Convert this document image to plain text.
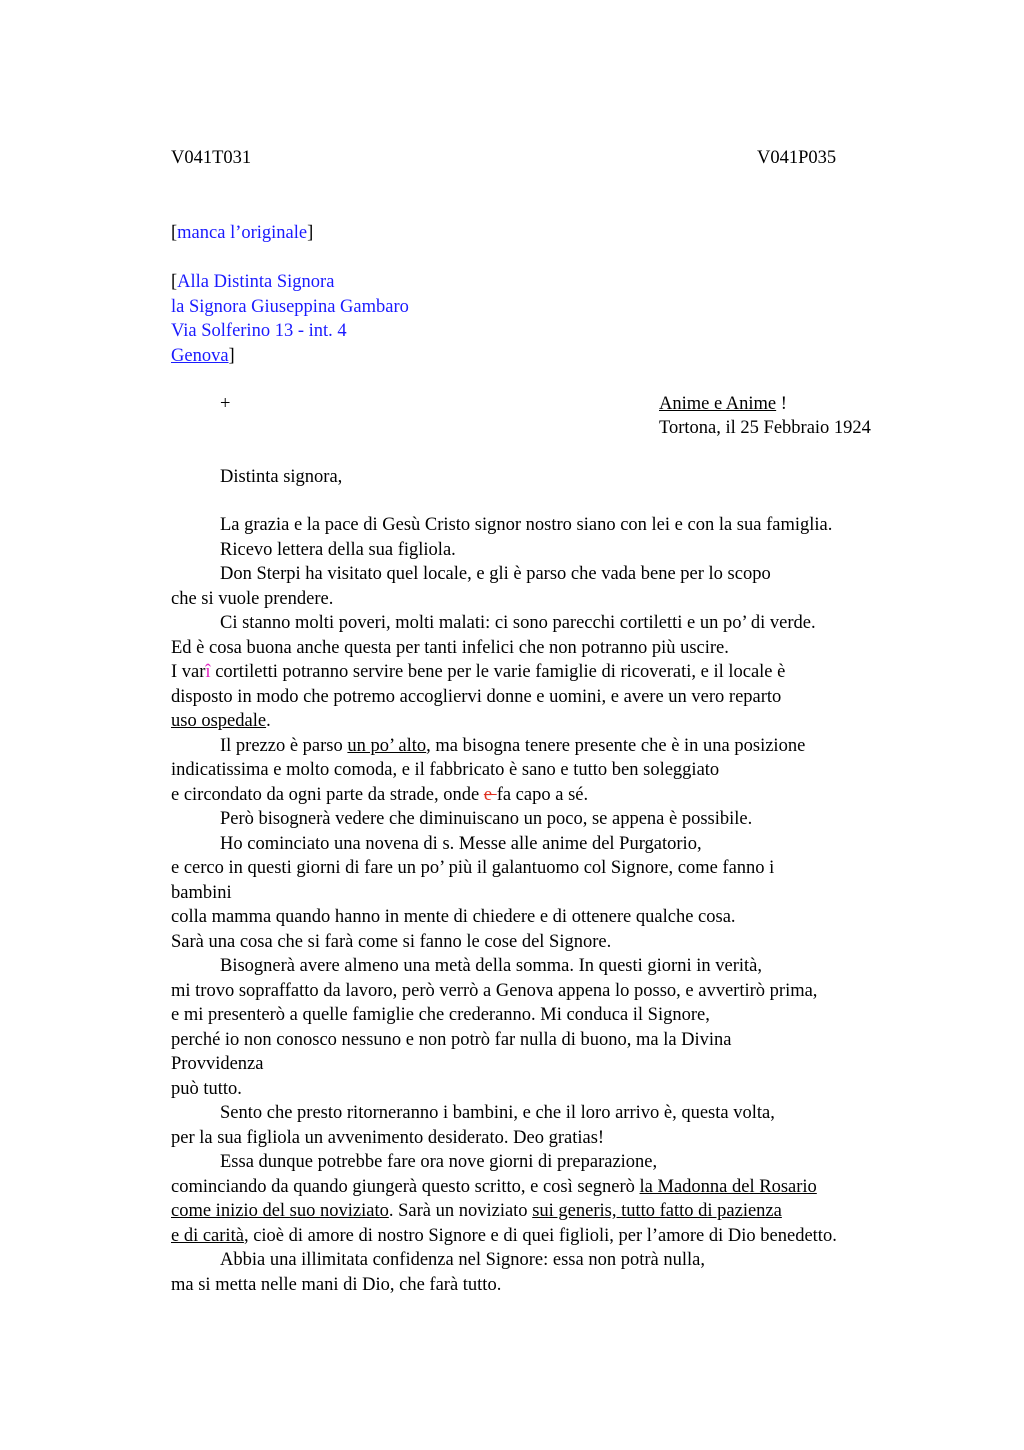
V041T031	V041P035
[manca l’originale]
[Alla Distinta Signora
la Signora Giuseppina Gambaro
Via Solferino 13 - int. 4
Genova]
+	Anime e Anime !
Tortona, il 25 Febbraio 1924
Distinta signora,
La grazia e la pace di Gesù Cristo signor nostro siano con lei e con la sua famiglia.
Ricevo lettera della sua figliola.
Don Sterpi ha visitato quel locale, e gli è parso che vada bene per lo scopo
che si vuole prendere.
Ci stanno molti poveri, molti malati: ci sono parecchi cortiletti e un po’ di verde.
Ed è cosa buona anche questa per tanti infelici che non potranno più uscire.
I varî cortiletti potranno servire bene per le varie famiglie di ricoverati, e il locale è
disposto in modo che potremo accogliervi donne e uomini, e avere un vero reparto
uso ospedale.
Il prezzo è parso un po’ alto, ma bisogna tenere presente che è in una posizione
indicatissima e molto comoda, e il fabbricato è sano e tutto ben soleggiato
e circondato da ogni parte da strade, onde e fa capo a sé.
Però bisognerà vedere che diminuiscano un poco, se appena è possibile.
Ho cominciato una novena di s. Messe alle anime del Purgatorio,
e cerco in questi giorni di fare un po’ più il galantuomo col Signore, come fanno i
bambini
colla mamma quando hanno in mente di chiedere e di ottenere qualche cosa.
Sarà una cosa che si farà come si fanno le cose del Signore.
Bisognerà avere almeno una metà della somma. In questi giorni in verità,
mi trovo sopraffatto da lavoro, però verrò a Genova appena lo posso, e avvertirò prima,
e mi presenterò a quelle famiglie che crederanno. Mi conduca il Signore,
perché io non conosco nessuno e non potrò far nulla di buono, ma la Divina
Provvidenza
può tutto.
Sento che presto ritorneranno i bambini, e che il loro arrivo è, questa volta,
per la sua figliola un avvenimento desiderato. Deo gratias!
Essa dunque potrebbe fare ora nove giorni di preparazione,
cominciando da quando giungerà questo scritto, e così segnerò la Madonna del Rosario
come inizio del suo noviziato. Sarà un noviziato sui generis, tutto fatto di pazienza
e di carità, cioè di amore di nostro Signore e di quei figlioli, per l’amore di Dio benedetto.
Abbia una illimitata confidenza nel Signore: essa non potrà nulla,
ma si metta nelle mani di Dio, che farà tutto.
